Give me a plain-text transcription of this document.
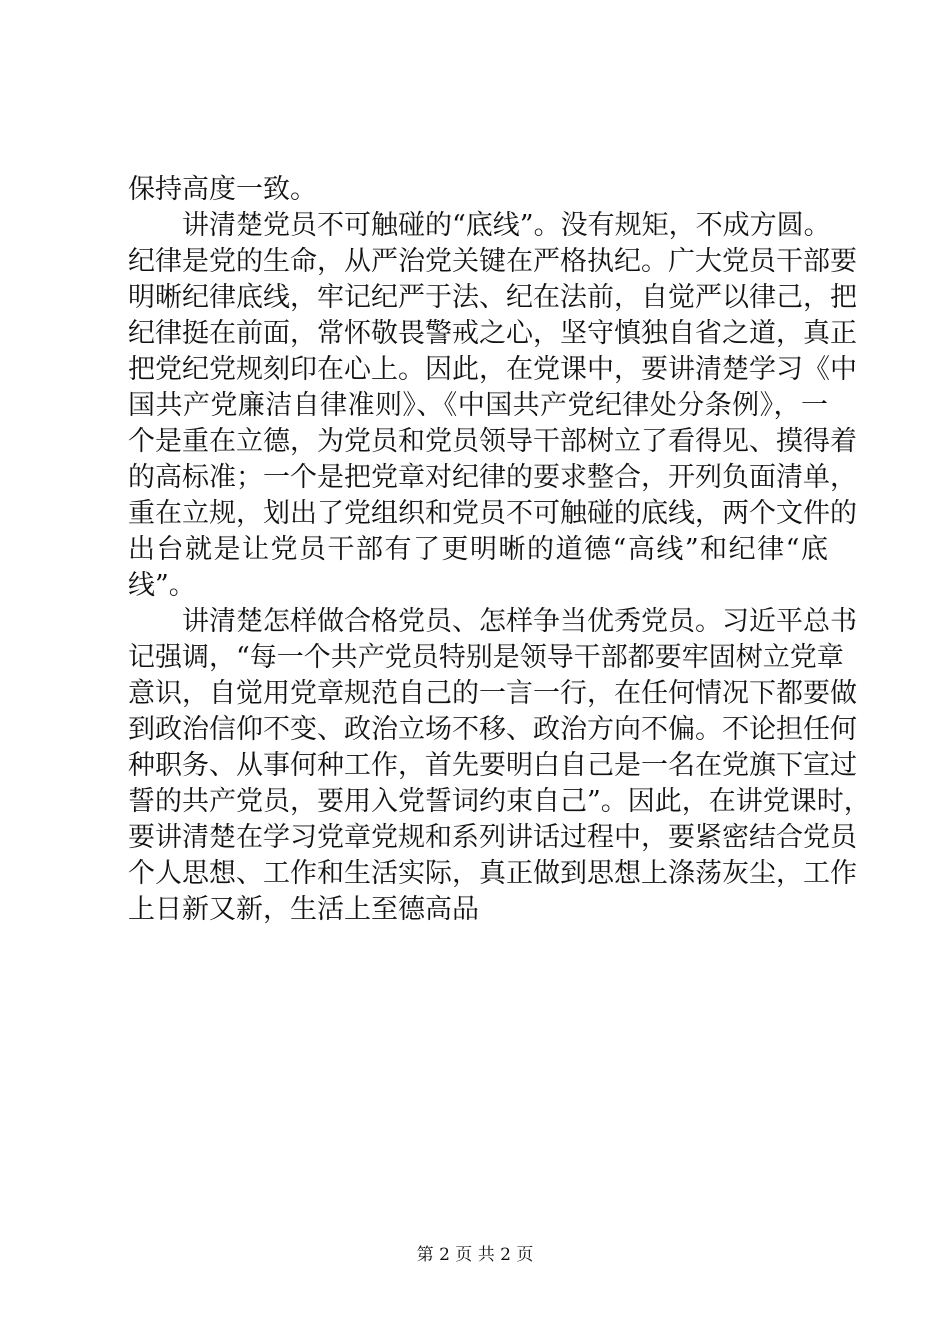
保持高度一致。
讲清楚党员不可触碰的“底线”。没有规矩，不成方圆。
纪律是党的生命，从严治党关键在严格执纪。广大党员干部要
明晰纪律底线，牢记纪严于法、纪在法前，自觉严以律己，把
纪律挺在前面，常怀敬畏警戒之心，坚守慎独自省之道，真正
把党纪党规刻印在心上。因此，在党课中，要讲清楚学习《中
国共产党廉洁自律准则》、《中国共产党纪律处分条例》，一
个是重在立德，为党员和党员领导干部树立了看得见、摸得着
的高标准；一个是把党章对纪律的要求整合，开列负面清单，
重在立规，划出了党组织和党员不可触碰的底线，两个文件的
出台就是让党员干部有了更明晰的道德“高线”和纪律“底
线”。
讲清楚怎样做合格党员、怎样争当优秀党员。习近平总书
记强调，“每一个共产党员特别是领导干部都要牢固树立党章
意识，自觉用党章规范自己的一言一行，在任何情况下都要做
到政治信仰不变、政治立场不移、政治方向不偏。不论担任何
种职务、从事何种工作，首先要明白自己是一名在党旗下宣过
誓的共产党员，要用入党誓词约束自己”。因此，在讲党课时，
要讲清楚在学习党章党规和系列讲话过程中，要紧密结合党员
个人思想、工作和生活实际，真正做到思想上涤荡灰尘，工作
上日新又新，生活上至德高品
第 2 页 共 2 页
